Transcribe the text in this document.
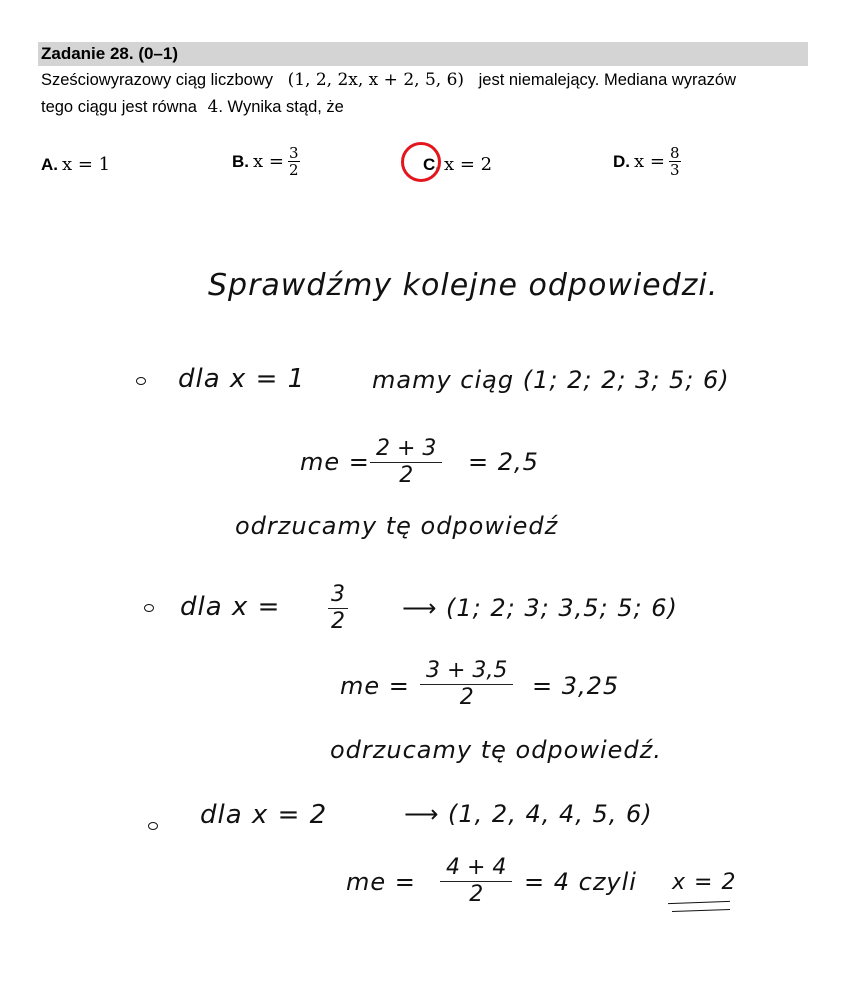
Zadanie 28. (0–1)
Sześciowyrazowy ciąg liczbowy (1, 2, 2x, x + 2, 5, 6) jest niemalejący. Mediana wyrazów
tego ciągu jest równa 4. Wynika stąd, że
A. x = 1	B. $x = \frac{3}{2}$	C. x = 2	D. $x = \frac{8}{3}$
Sprawdźmy kolejne odpowiedzi.
dla x = 1	mamy ciąg (1; 2; 2; 3; 5; 6)
me = $\frac{2 + 3}{2} = 2,5$
odrzucamy tę odpowiedź
dla $x = \frac{3}{2}$ ⟶ (1; 2; 3; 3,5; 5; 6)
me = $\frac{3 + 3,5}{2} = 3,25$
odrzucamy tę odpowiedź.
dla x = 2	⟶ (1, 2, 4, 4, 5, 6)
me = $\frac{4 + 4}{2} = 4$ czyli x = 2
